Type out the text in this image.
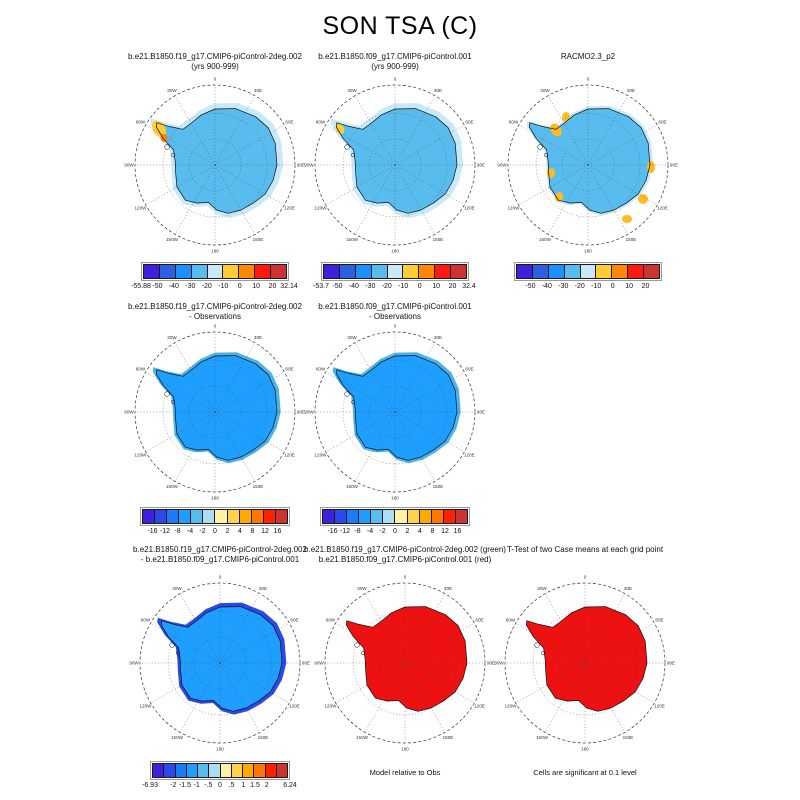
SON TSA (C)
b.e21.B1850.f19_g17.CMIP6-piControl-2deg.002
(yrs 900-999)
0
30E
60E
90E
120E
150E
180
150W
120W
90W
60W
30W
b.e21.B1850.f09_g17.CMIP6-piControl.001
(yrs 900-999)
0
30E
60E
90E
120E
150E
180
150W
120W
90W
60W
30W
RACMO2.3_p2
0
30E
60E
90E
120E
150E
180
150W
120W
90W
60W
30W
-55.88 -50 -40 -30 -20 -10 0 10 20 32.14 -53.7 -50 -40 -30 -20 -10 0 10 20 32.4	-50 -40 -30 -20 -10 0 10 20
b.e21.B1850.f19_g17.CMIP6-piControl-2deg.002
- Observations
0
30E
60E
90E
120E
150E
180
150W
120W
90W
60W
30W
b.e21.B1850.f09_g17.CMIP6-piControl.001
- Observations
0
30E
60E
90E
120E
150E
180
150W
120W
90W
60W
30W
-16 -12 -8 -4 -2 0 2 4 8 12 16	-16 -12 -8 -4 -2 0 2 4 8 12 16
b.e21.B1850.f19_g17.CMIP6-piControl-2deg.002
- b.e21.B1850.f09_g17.CMIP6-piControl.001
0
30E
60E
90E
120E
150E
180
150W
120W
90W
60W
30W
b.e21.B1850.f19_g17.CMIP6-piControl-2deg.002 (green)
b.e21.B1850.f09_g17.CMIP6-piControl.001 (red)
0
30E
60E
90E
120E
150E
180
150W
120W
90W
60W
30W
T-Test of two Case means at each grid point
0
30E
60E
90E
120E
150E
180
150W
120W
90W
60W
30W
-6.93 -2 -1.5 -1 -.5 0 .5 1 1.5 2 6.24
Model relative to Obs	Cells are significant at 0.1 level
